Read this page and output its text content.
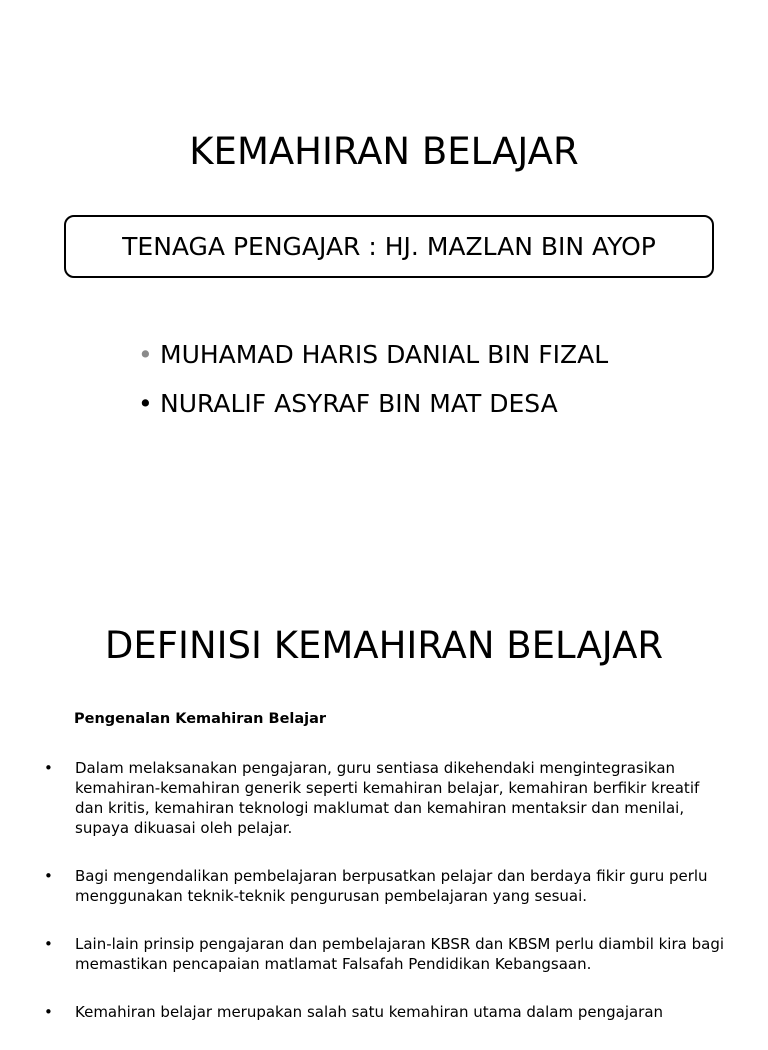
KEMAHIRAN BELAJAR
TENAGA PENGAJAR : HJ. MAZLAN BIN AYOP
• MUHAMAD HARIS DANIAL BIN FIZAL
• NURALIF ASYRAF BIN MAT DESA
DEFINISI KEMAHIRAN BELAJAR

Pengenalan Kemahiran Belajar

• Dalam melaksanakan pengajaran, guru sentiasa dikehendaki mengintegrasikan kemahiran-kemahiran generik seperti kemahiran belajar, kemahiran berfikir kreatif dan kritis, kemahiran teknologi maklumat dan kemahiran mentaksir dan menilai, supaya dikuasai oleh pelajar.
• Bagi mengendalikan pembelajaran berpusatkan pelajar dan berdaya fikir guru perlu menggunakan teknik-teknik pengurusan pembelajaran yang sesuai.
• Lain-lain prinsip pengajaran dan pembelajaran KBSR dan KBSM perlu diambil kira bagi memastikan pencapaian matlamat Falsafah Pendidikan Kebangsaan.
• Kemahiran belajar merupakan salah satu kemahiran utama dalam pengajaran
